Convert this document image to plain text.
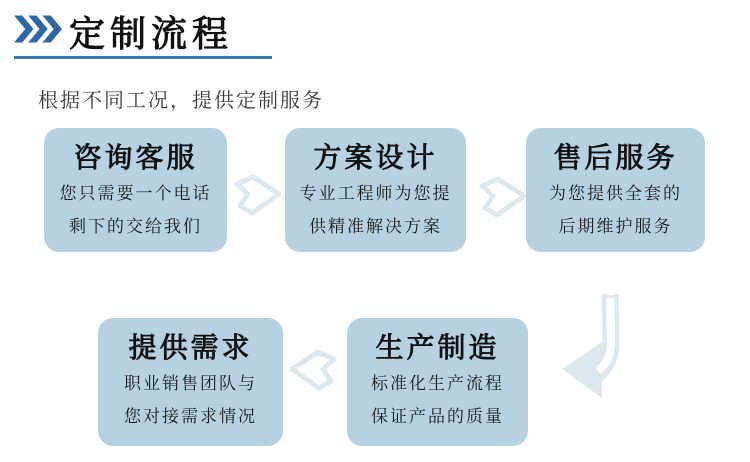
定制流程
根据不同工况，提供定制服务
咨询客服
您只需要一个电话
剩下的交给我们
方案设计
专业工程师为您提
供精准解决方案
售后服务
为您提供全套的
后期维护服务
提供需求
职业销售团队与
您对接需求情况
生产制造
标准化生产流程
保证产品的质量
